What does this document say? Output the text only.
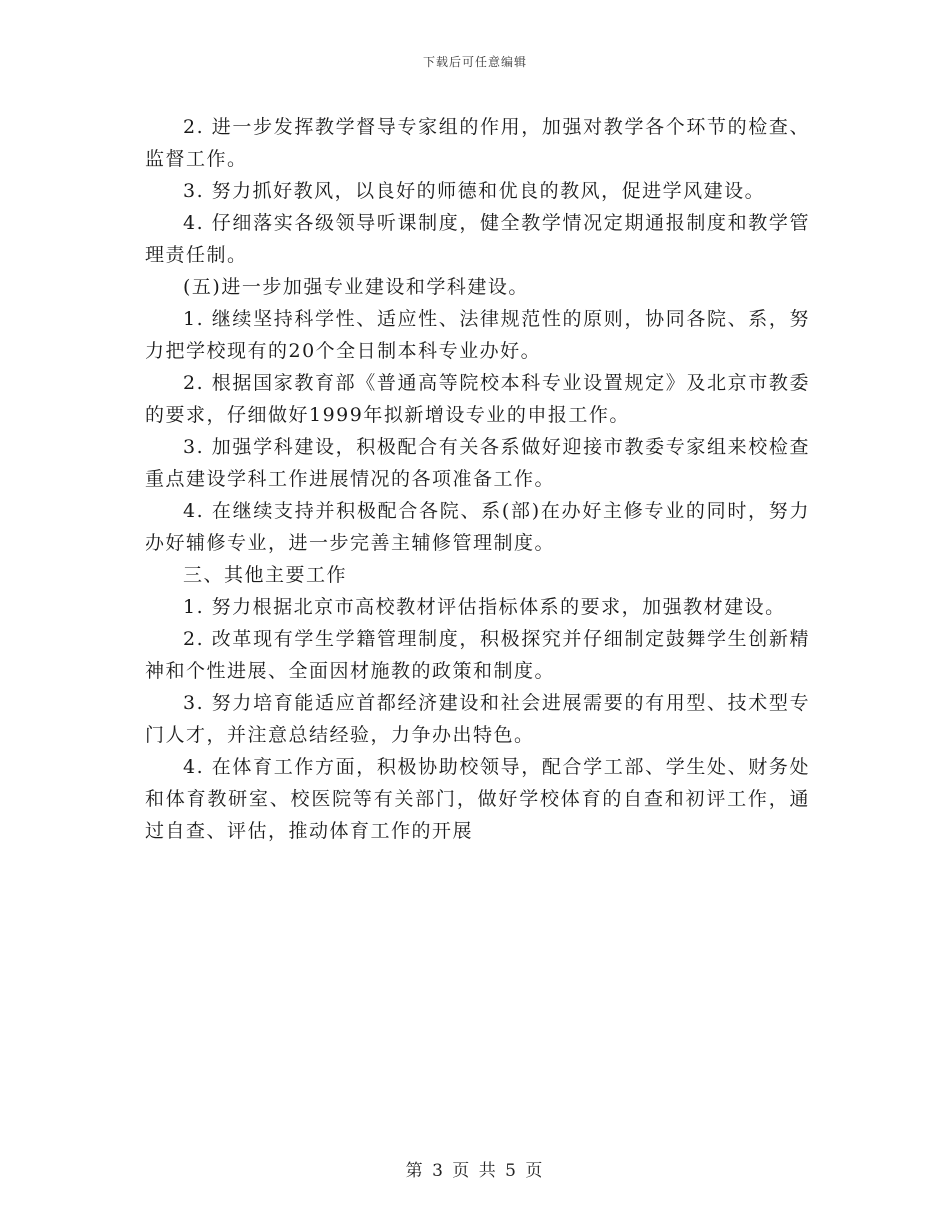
下载后可任意编辑

2. 进一步发挥教学督导专家组的作用，加强对教学各个环节的检查、监督工作。

3. 努力抓好教风，以良好的师德和优良的教风，促进学风建设。

4. 仔细落实各级领导听课制度，健全教学情况定期通报制度和教学管理责任制。

(五)进一步加强专业建设和学科建设。

1. 继续坚持科学性、适应性、法律规范性的原则，协同各院、系，努力把学校现有的20个全日制本科专业办好。

2. 根据国家教育部《普通高等院校本科专业设置规定》及北京市教委的要求，仔细做好1999年拟新增设专业的申报工作。

3. 加强学科建设，积极配合有关各系做好迎接市教委专家组来校检查重点建设学科工作进展情况的各项准备工作。

4. 在继续支持并积极配合各院、系(部)在办好主修专业的同时，努力办好辅修专业，进一步完善主辅修管理制度。

三、其他主要工作

1. 努力根据北京市高校教材评估指标体系的要求，加强教材建设。

2. 改革现有学生学籍管理制度，积极探究并仔细制定鼓舞学生创新精神和个性进展、全面因材施教的政策和制度。

3. 努力培育能适应首都经济建设和社会进展需要的有用型、技术型专门人才，并注意总结经验，力争办出特色。

4. 在体育工作方面，积极协助校领导，配合学工部、学生处、财务处和体育教研室、校医院等有关部门，做好学校体育的自查和初评工作，通过自查、评估，推动体育工作的开展

第 3 页 共 5 页
